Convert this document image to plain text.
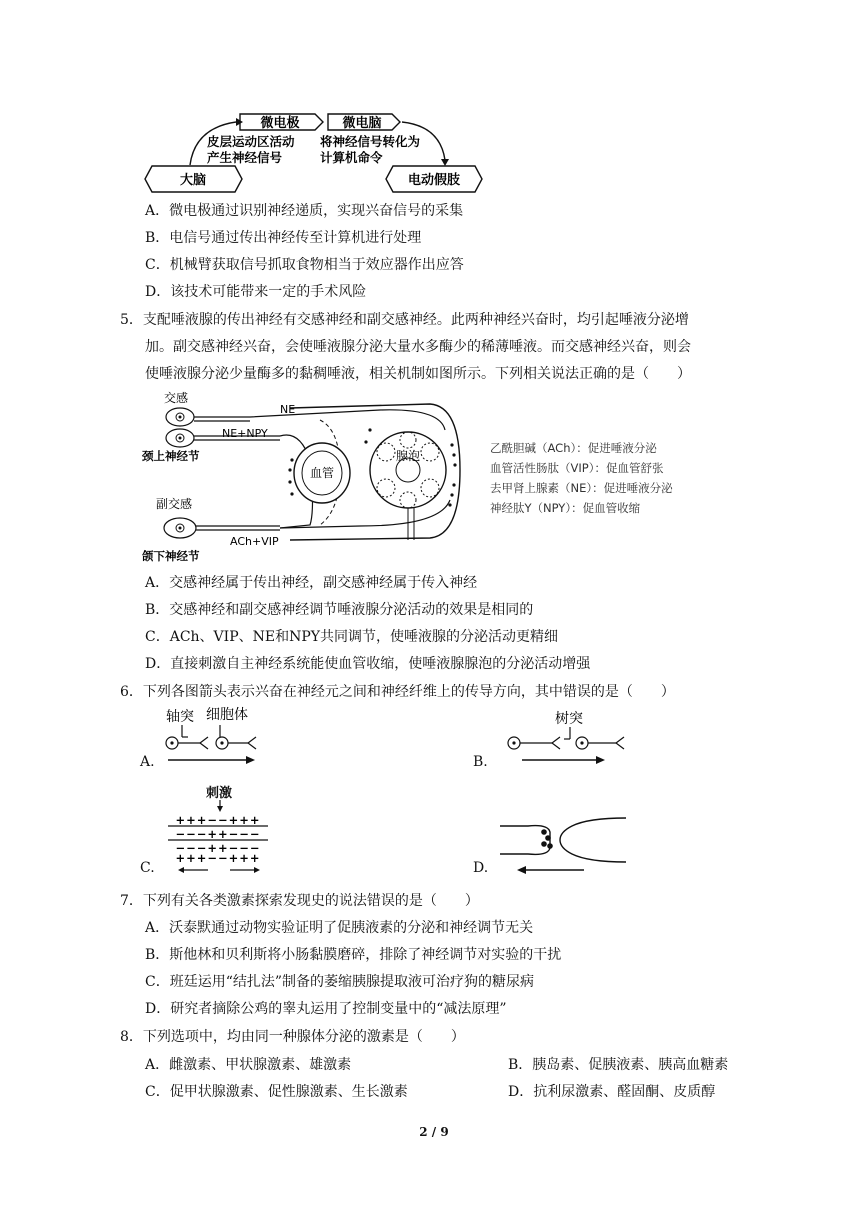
大脑
微电极	微电脑
电动假肢
皮层运动区活动
产生神经信号
将神经信号转化为
计算机命令
A．微电极通过识别神经递质，实现兴奋信号的采集
B．电信号通过传出神经传至计算机进行处理
C．机械臂获取信号抓取食物相当于效应器作出应答
D．该技术可能带来一定的手术风险
5．支配唾液腺的传出神经有交感神经和副交感神经。此两种神经兴奋时，均引起唾液分泌增
加。副交感神经兴奋，会使唾液腺分泌大量水多酶少的稀薄唾液。而交感神经兴奋，则会
使唾液腺分泌少量酶多的黏稠唾液，相关机制如图所示。下列相关说法正确的是（　　）
血管
腺泡
交感
颈上神经节
副交感
颌下神经节
NE
NE+NPY
ACh+VIP
乙酰胆碱（ACh）：促进唾液分泌
血管活性肠肽（VIP）：促血管舒张
去甲肾上腺素（NE）：促进唾液分泌
神经肽Y（NPY）：促血管收缩
A．交感神经属于传出神经，副交感神经属于传入神经
B．交感神经和副交感神经调节唾液腺分泌活动的效果是相同的
C．ACh、VIP、NE和NPY共同调节，使唾液腺的分泌活动更精细
D．直接刺激自主神经系统能使血管收缩，使唾液腺腺泡的分泌活动增强
6．下列各图箭头表示兴奋在神经元之间和神经纤维上的传导方向，其中错误的是（　　）
轴突 细胞体
A.
树突
B.
刺激
+++−−+++
−−−++−−−
−−−++−−−
+++−−+++
C.	D.
7．下列有关各类激素探索发现史的说法错误的是（　　）
A．沃泰默通过动物实验证明了促胰液素的分泌和神经调节无关
B．斯他林和贝利斯将小肠黏膜磨碎，排除了神经调节对实验的干扰
C．班廷运用“结扎法”制备的萎缩胰腺提取液可治疗狗的糖尿病
D．研究者摘除公鸡的睾丸运用了控制变量中的“减法原理”
8．下列选项中，均由同一种腺体分泌的激素是（　　）
A．雌激素、甲状腺激素、雄激素	B．胰岛素、促胰液素、胰高血糖素
C．促甲状腺激素、促性腺激素、生长激素	D．抗利尿激素、醛固酮、皮质醇
2 / 9
